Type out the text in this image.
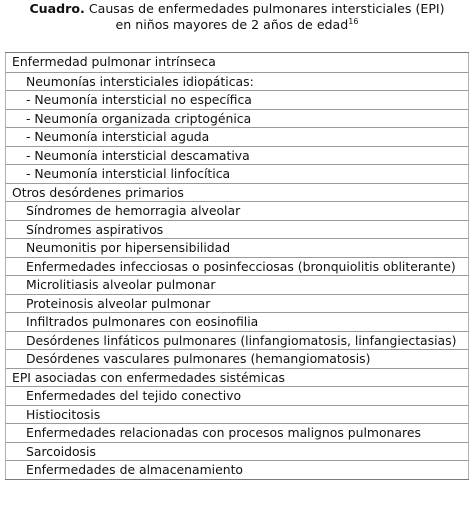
Cuadro. Causas de enfermedades pulmonares intersticiales (EPI)
en niños mayores de 2 años de edad$^{16}$
Enfermedad pulmonar intrínseca
Neumonías intersticiales idiopáticas:
- Neumonía intersticial no específica
- Neumonía organizada criptogénica
- Neumonía intersticial aguda
- Neumonía intersticial descamativa
- Neumonía intersticial linfocítica
Otros desórdenes primarios
Síndromes de hemorragia alveolar
Síndromes aspirativos
Neumonitis por hipersensibilidad
Enfermedades infecciosas o posinfecciosas (bronquiolitis obliterante)
Microlitiasis alveolar pulmonar
Proteinosis alveolar pulmonar
Infiltrados pulmonares con eosinofilia
Desórdenes linfáticos pulmonares (linfangiomatosis, linfangiectasias)
Desórdenes vasculares pulmonares (hemangiomatosis)
EPI asociadas con enfermedades sistémicas
Enfermedades del tejido conectivo
Histiocitosis
Enfermedades relacionadas con procesos malignos pulmonares
Sarcoidosis
Enfermedades de almacenamiento
